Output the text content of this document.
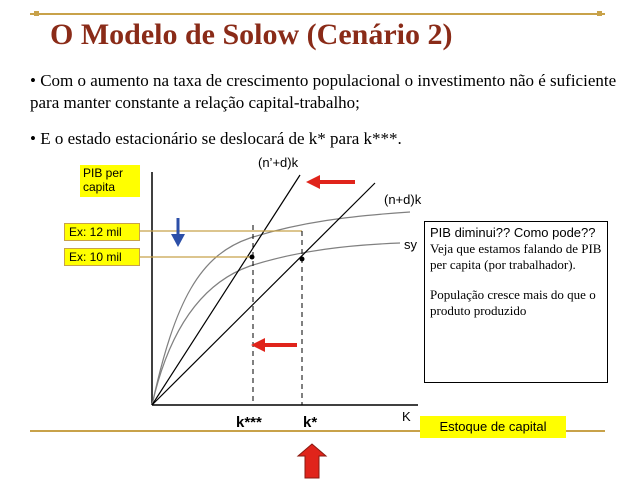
O Modelo de Solow (Cenário 2)
• Com o aumento na taxa de crescimento populacional o investimento não é suficiente para manter constante a relação capital-trabalho;
• E o estado estacionário se deslocará de k* para k***.
PIB per capita
(n’+d)k
(n+d)k
sy
K
Ex: 12 mil
Ex: 10 mil
k***	k*
PIB diminui?? Como pode??
Veja que estamos falando de PIB per capita (por trabalhador).
População cresce mais do que o produto produzido
Estoque de capital
